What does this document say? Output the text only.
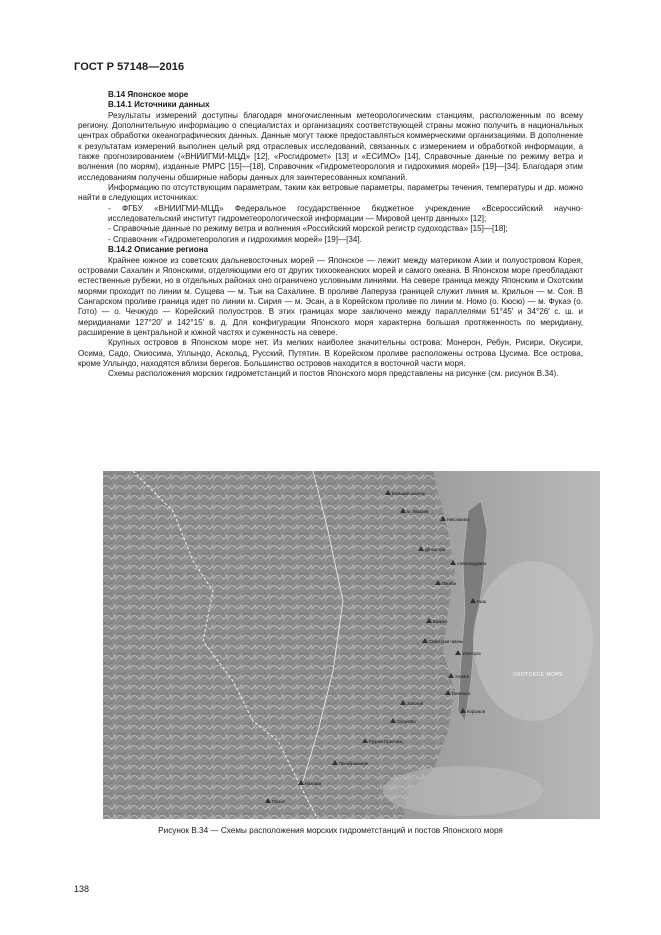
ГОСТ Р 57148—2016
В.14 Японское море
В.14.1 Источники данных

Результаты измерений доступны благодаря многочисленным метеорологическим станциям, расположенным по всему региону. Дополнительную информацию о специалистах и организациях соответствующей страны можно получить в национальных центрах обработки океанографических данных. Данные могут также предоставляться коммерческими организациями. В дополнение к результатам измерений выполнен целый ряд отраслевых исследований, связанных с измерением и обработкой информации, а также прогнозированием («ВНИИГМИ-МЦД» [12], «Росгидромет» [13] и «ЕСИМО» [14], Справочные данные по режиму ветра и волнения (по морям), изданные РМРС [15]—[18], Справочник «Гидрометеорология и гидрохимия морей» [19]—[34]. Благодаря этим исследованиям получены обширные наборы данных для заинтересованных компаний.

Информацию по отсутствующим параметрам, таким как ветровые параметры, параметры течения, температуры и др. можно найти в следующих источниках:

- ФГБУ «ВНИИГМИ-МЦД» Федеральное государственное бюджетное учреждение «Всероссийский научно-исследовательский институт гидрометеорологической информации — Мировой центр данных» [12];

- Справочные данные по режиму ветра и волнения «Российский морской регистр судоходства» [15]—[18];

- Справочник «Гидрометеорология и гидрохимия морей» [19]—[34].

В.14.2 Описание региона

Крайнее южное из советских дальневосточных морей — Японское — лежит между материком Азии и полуостровом Корея, островами Сахалин и Японскими, отделяющими его от других тихоокеанских морей и самого океана. В Японском море преобладают естественные рубежи, но в отдельных районах оно ограничено условными линиями. На севере граница между Японским и Охотским морями проходит по линии м. Сущева — м. Тык на Сахалине. В проливе Лаперуза границей служит линия м. Крильон — м. Соя. В Сангарском проливе граница идет по линии м. Сирия — м. Эсан, а в Корейском проливе по линии м. Номо (о. Кюсю) — м. Фукаэ (о. Гото) — о. Чечжудо — Корейский полуостров. В этих границах море заключено между параллелями 51°45′ и 34°26′ с. ш. и меридианами 127°20′ и 142°15′ в. д. Для конфигурации Японского моря характерна большая протяженность по меридиану, расширение в центральной и южной частях и суженность на севере.

Крупных островов в Японском море нет. Из мелких наиболее значительны острова: Монерон, Ребун, Рисири, Окусири, Осима, Садо, Окиосима, Уллындо, Аскольд, Русский, Путятин. В Корейском проливе расположены острова Цусима. Все острова, кроме Уллындо, находятся вблизи берегов. Большинство островов находится в восточной части моря.

Схемы расположения морских гидрометстанций и постов Японского моря представлены на рисунке (см. рисунок В.34).

ОХОТСКОЕ МОРЕ
Большой шантар
м. Лазарев
Николаевск
Де-Кастри
Александровск
Погиби
Ныш
Ванино
Советская гавань
Углегорск
Холмск
Невельск
Корсаков
Золотой
Сосуново
Рудная Пристань
Преображение
Находка
Посьет
Рисунок В.34 — Схемы расположения морских гидрометстанций и постов Японского моря
138
